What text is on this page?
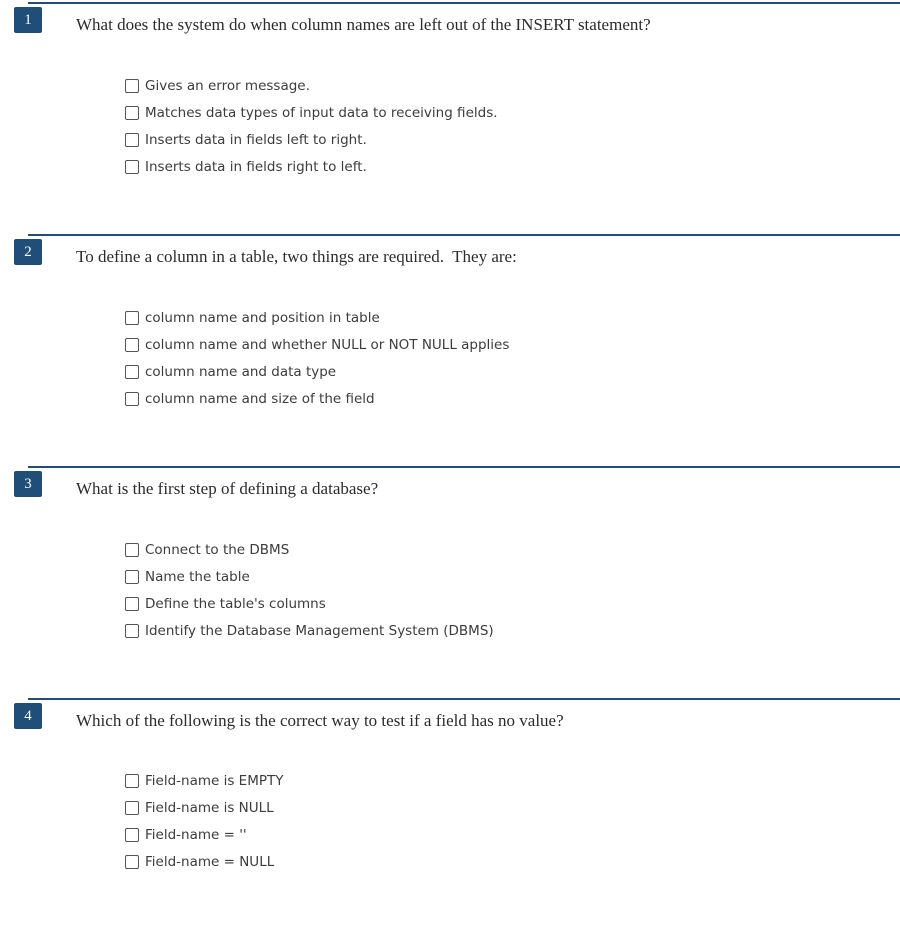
1	What does the system do when column names are left out of the INSERT statement?
Gives an error message.
Matches data types of input data to receiving fields.
Inserts data in fields left to right.
Inserts data in fields right to left.
2	To define a column in a table, two things are required.  They are:
column name and position in table
column name and whether NULL or NOT NULL applies
column name and data type
column name and size of the field
3	What is the first step of defining a database?
Connect to the DBMS
Name the table
Define the table's columns
Identify the Database Management System (DBMS)
4	Which of the following is the correct way to test if a field has no value?
Field-name is EMPTY
Field-name is NULL
Field-name = ''
Field-name = NULL
